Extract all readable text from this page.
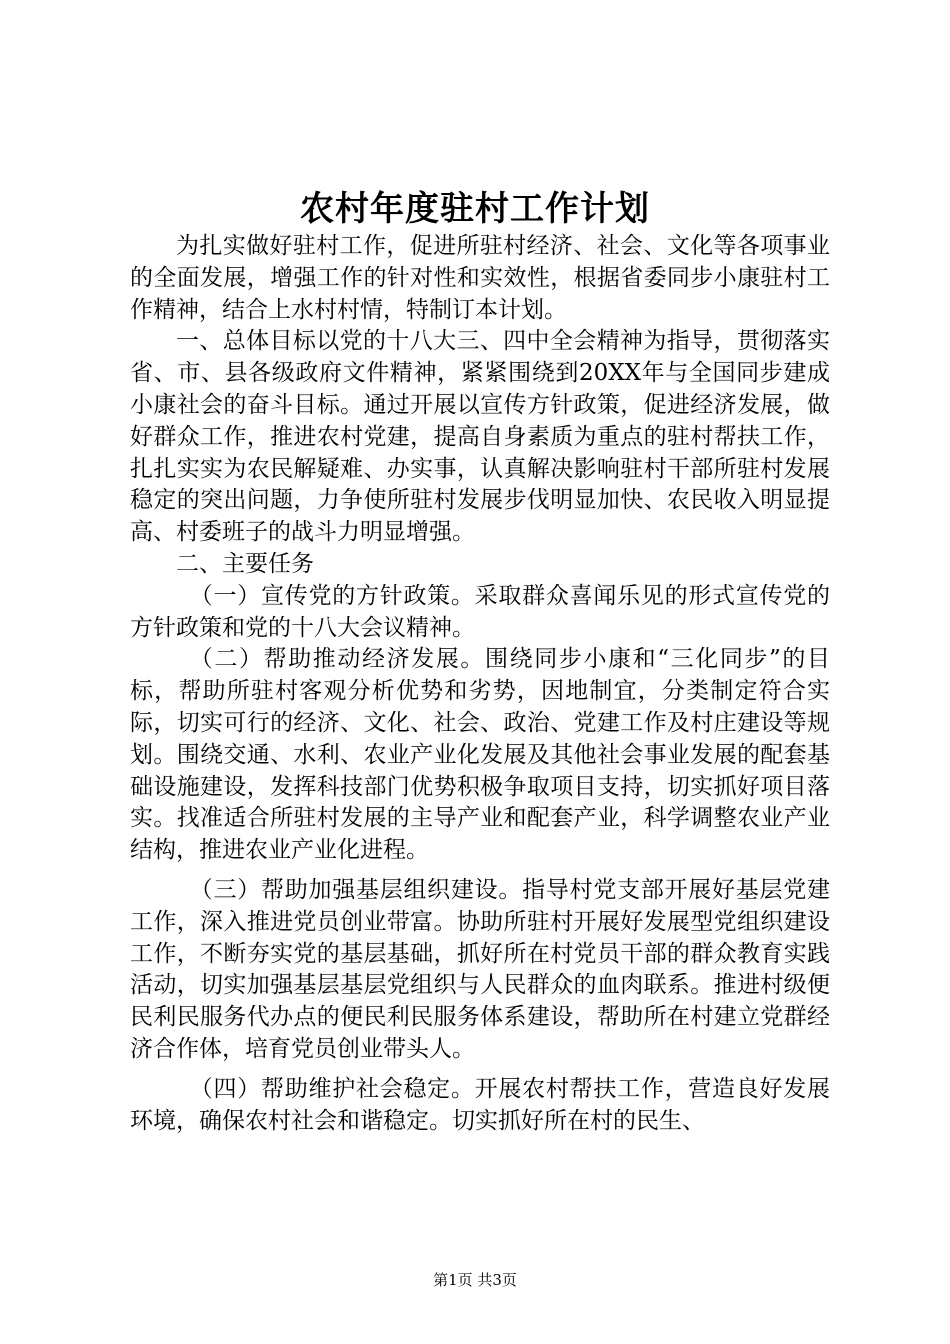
农村年度驻村工作计划

为扎实做好驻村工作，促进所驻村经济、社会、文化等各项事业的全面发展，增强工作的针对性和实效性，根据省委同步小康驻村工作精神，结合上水村村情，特制订本计划。

一、总体目标以党的十八大三、四中全会精神为指导，贯彻落实省、市、县各级政府文件精神，紧紧围绕到20XX年与全国同步建成小康社会的奋斗目标。通过开展以宣传方针政策，促进经济发展，做好群众工作，推进农村党建，提高自身素质为重点的驻村帮扶工作，扎扎实实为农民解疑难、办实事，认真解决影响驻村干部所驻村发展稳定的突出问题，力争使所驻村发展步伐明显加快、农民收入明显提高、村委班子的战斗力明显增强。

二、主要任务

（一）宣传党的方针政策。采取群众喜闻乐见的形式宣传党的方针政策和党的十八大会议精神。

（二）帮助推动经济发展。围绕同步小康和“三化同步”的目标，帮助所驻村客观分析优势和劣势，因地制宜，分类制定符合实际，切实可行的经济、文化、社会、政治、党建工作及村庄建设等规划。围绕交通、水利、农业产业化发展及其他社会事业发展的配套基础设施建设，发挥科技部门优势积极争取项目支持，切实抓好项目落实。找准适合所驻村发展的主导产业和配套产业，科学调整农业产业结构，推进农业产业化进程。

（三）帮助加强基层组织建设。指导村党支部开展好基层党建工作，深入推进党员创业带富。协助所驻村开展好发展型党组织建设工作，不断夯实党的基层基础，抓好所在村党员干部的群众教育实践活动，切实加强基层基层党组织与人民群众的血肉联系。推进村级便民利民服务代办点的便民利民服务体系建设，帮助所在村建立党群经济合作体，培育党员创业带头人。

（四）帮助维护社会稳定。开展农村帮扶工作，营造良好发展环境，确保农村社会和谐稳定。切实抓好所在村的民生、

第1页 共3页
